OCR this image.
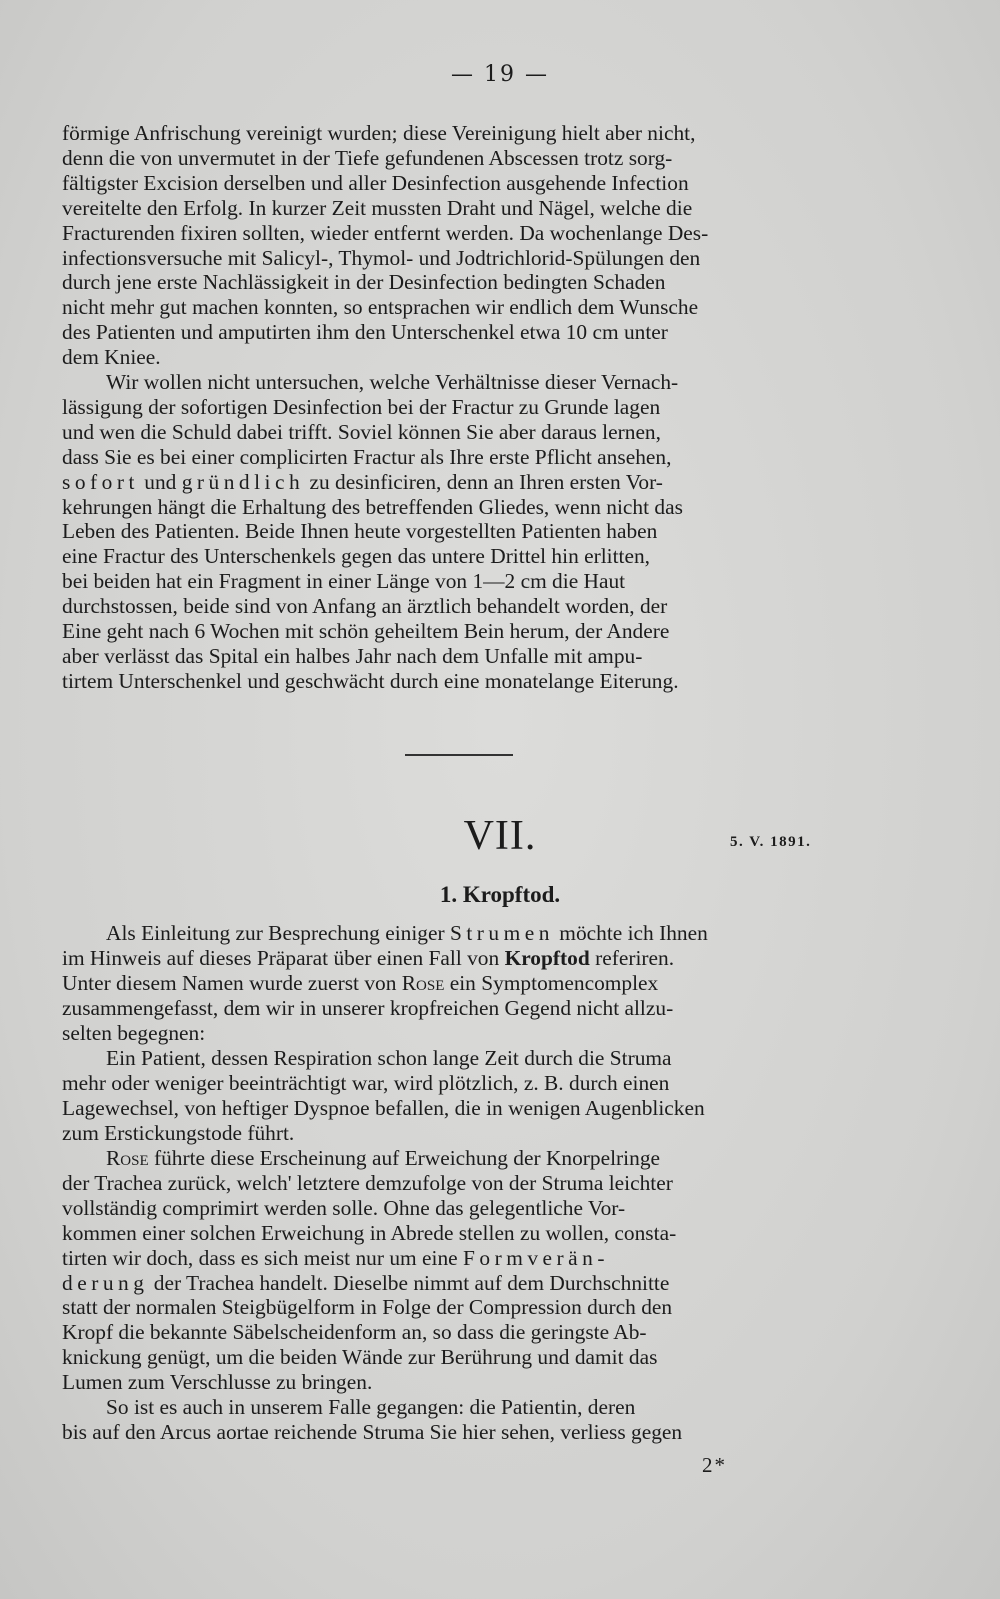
— 19 —

förmige Anfrischung vereinigt wurden; diese Vereinigung hielt aber nicht,

denn die von unvermutet in der Tiefe gefundenen Abscessen trotz sorg-

fältigster Excision derselben und aller Desinfection ausgehende Infection

vereitelte den Erfolg. In kurzer Zeit mussten Draht und Nägel, welche die

Fracturenden fixiren sollten, wieder entfernt werden. Da wochenlange Des-

infectionsversuche mit Salicyl-, Thymol- und Jodtrichlorid-Spülungen den

durch jene erste Nachlässigkeit in der Desinfection bedingten Schaden

nicht mehr gut machen konnten, so entsprachen wir endlich dem Wunsche

des Patienten und amputirten ihm den Unterschenkel etwa 10 cm unter

dem Kniee.

Wir wollen nicht untersuchen, welche Verhältnisse dieser Vernach-

lässigung der sofortigen Desinfection bei der Fractur zu Grunde lagen

und wen die Schuld dabei trifft. Soviel können Sie aber daraus lernen,

dass Sie es bei einer complicirten Fractur als Ihre erste Pflicht ansehen,

sofort und gründlich zu desinficiren, denn an Ihren ersten Vor-

kehrungen hängt die Erhaltung des betreffenden Gliedes, wenn nicht das

Leben des Patienten. Beide Ihnen heute vorgestellten Patienten haben

eine Fractur des Unterschenkels gegen das untere Drittel hin erlitten,

bei beiden hat ein Fragment in einer Länge von 1—2 cm die Haut

durchstossen, beide sind von Anfang an ärztlich behandelt worden, der

Eine geht nach 6 Wochen mit schön geheiltem Bein herum, der Andere

aber verlässt das Spital ein halbes Jahr nach dem Unfalle mit ampu-

tirtem Unterschenkel und geschwächt durch eine monatelange Eiterung.

VII.	5. V. 1891.
1. Kropftod.

Als Einleitung zur Besprechung einiger Strumen möchte ich Ihnen

im Hinweis auf dieses Präparat über einen Fall von Kropftod referiren.

Unter diesem Namen wurde zuerst von Rose ein Symptomencomplex

zusammengefasst, dem wir in unserer kropfreichen Gegend nicht allzu-

selten begegnen:

Ein Patient, dessen Respiration schon lange Zeit durch die Struma

mehr oder weniger beeinträchtigt war, wird plötzlich, z. B. durch einen

Lagewechsel, von heftiger Dyspnoe befallen, die in wenigen Augenblicken

zum Erstickungstode führt.

Rose führte diese Erscheinung auf Erweichung der Knorpelringe

der Trachea zurück, welch' letztere demzufolge von der Struma leichter

vollständig comprimirt werden solle. Ohne das gelegentliche Vor-

kommen einer solchen Erweichung in Abrede stellen zu wollen, consta-

tirten wir doch, dass es sich meist nur um eine Formverän-

derung der Trachea handelt. Dieselbe nimmt auf dem Durchschnitte

statt der normalen Steigbügelform in Folge der Compression durch den

Kropf die bekannte Säbelscheidenform an, so dass die geringste Ab-

knickung genügt, um die beiden Wände zur Berührung und damit das

Lumen zum Verschlusse zu bringen.

So ist es auch in unserem Falle gegangen: die Patientin, deren

bis auf den Arcus aortae reichende Struma Sie hier sehen, verliess gegen

2*
